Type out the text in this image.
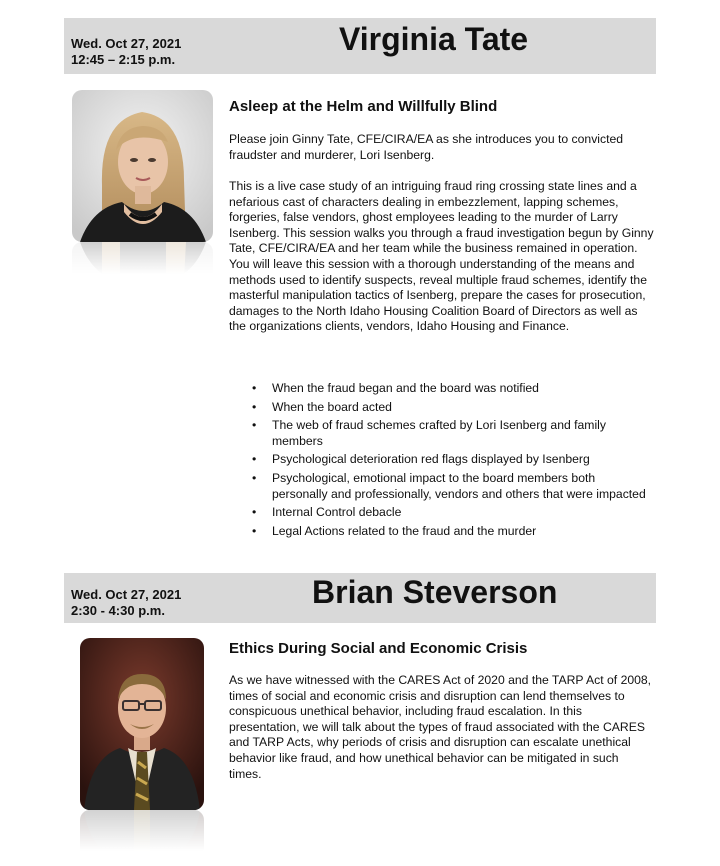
Wed. Oct 27, 2021
12:45 – 2:15 p.m.
Virginia Tate
Asleep at the Helm and Willfully Blind

Please join Ginny Tate, CFE/CIRA/EA as she introduces you to convicted fraudster and murderer, Lori Isenberg.

This is a live case study of an intriguing fraud ring crossing state lines and a nefarious cast of characters dealing in embezzlement, lapping schemes, forgeries, false vendors, ghost employees leading to the murder of Larry Isenberg. This session walks you through a fraud investigation begun by Ginny Tate, CFE/CIRA/EA and her team while the business remained in operation. You will leave this session with a thorough understanding of the means and methods used to identify suspects, reveal multiple fraud schemes, identify the masterful manipulation tactics of Isenberg, prepare the cases for prosecution, damages to the North Idaho Housing Coalition Board of Directors as well as the organizations clients, vendors, Idaho Housing and Finance.

• When the fraud began and the board was notified
• When the board acted
• The web of fraud schemes crafted by Lori Isenberg and family members
• Psychological deterioration red flags displayed by Isenberg
• Psychological, emotional impact to the board members both personally and professionally, vendors and others that were impacted
• Internal Control debacle
• Legal Actions related to the fraud and the murder
Wed. Oct 27, 2021
2:30 - 4:30 p.m.
Brian Steverson
Ethics During Social and Economic Crisis

As we have witnessed with the CARES Act of 2020 and the TARP Act of 2008, times of social and economic crisis and disruption can lend themselves to conspicuous unethical behavior, including fraud escalation. In this presentation, we will talk about the types of fraud associated with the CARES and TARP Acts, why periods of crisis and disruption can escalate unethical behavior like fraud, and how unethical behavior can be mitigated in such times.
